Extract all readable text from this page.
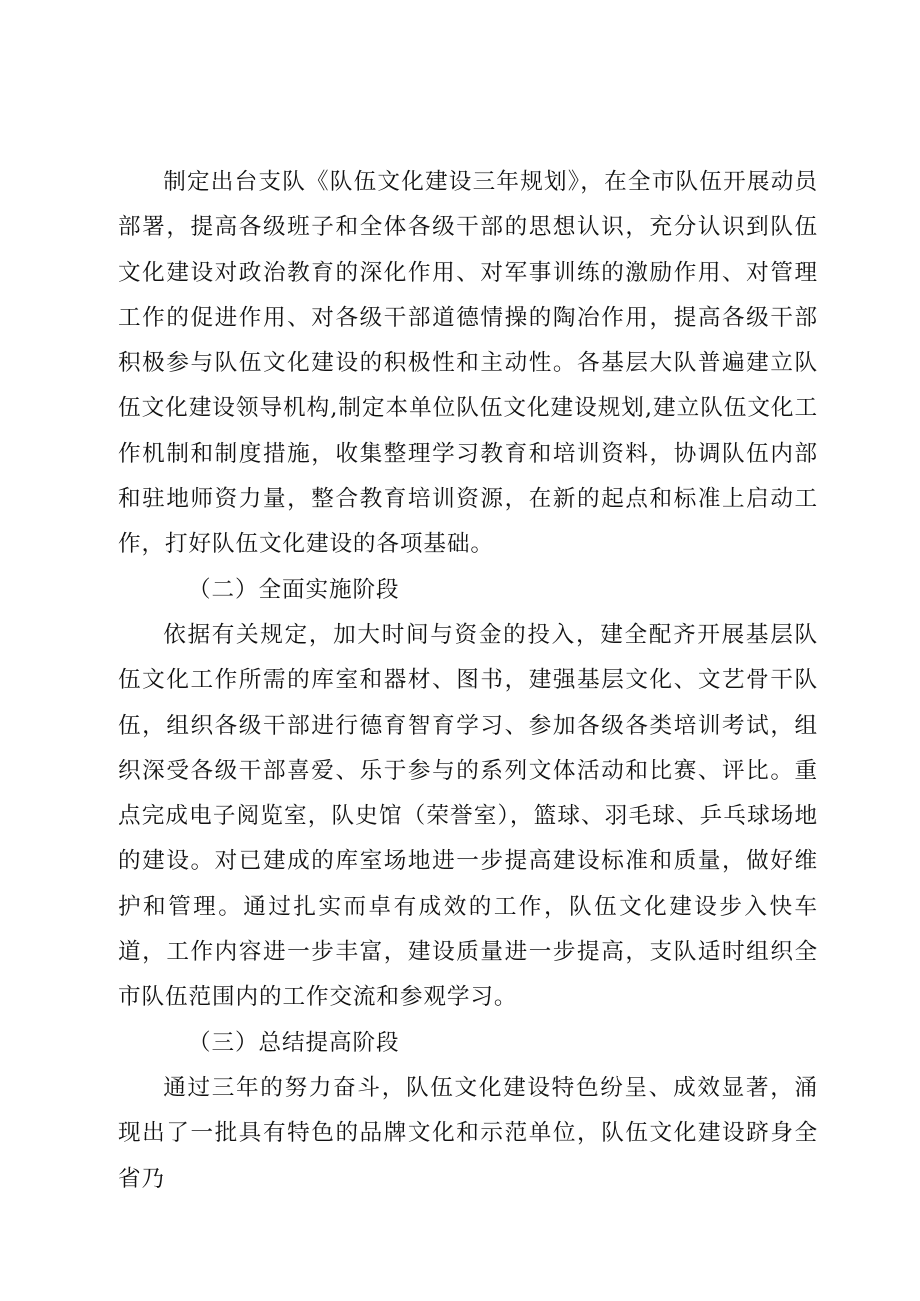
制定出台支队《队伍文化建设三年规划》，在全市队伍开展动员部署，提高各级班子和全体各级干部的思想认识，充分认识到队伍文化建设对政治教育的深化作用、对军事训练的激励作用、对管理工作的促进作用、对各级干部道德情操的陶冶作用，提高各级干部积极参与队伍文化建设的积极性和主动性。各基层大队普遍建立队伍文化建设领导机构,制定本单位队伍文化建设规划,建立队伍文化工作机制和制度措施，收集整理学习教育和培训资料，协调队伍内部和驻地师资力量，整合教育培训资源，在新的起点和标准上启动工作，打好队伍文化建设的各项基础。

（二）全面实施阶段

依据有关规定，加大时间与资金的投入，建全配齐开展基层队伍文化工作所需的库室和器材、图书，建强基层文化、文艺骨干队伍，组织各级干部进行德育智育学习、参加各级各类培训考试，组织深受各级干部喜爱、乐于参与的系列文体活动和比赛、评比。重点完成电子阅览室，队史馆（荣誉室），篮球、羽毛球、乒乓球场地的建设。对已建成的库室场地进一步提高建设标准和质量，做好维护和管理。通过扎实而卓有成效的工作，队伍文化建设步入快车道，工作内容进一步丰富，建设质量进一步提高，支队适时组织全市队伍范围内的工作交流和参观学习。

（三）总结提高阶段

通过三年的努力奋斗，队伍文化建设特色纷呈、成效显著，涌现出了一批具有特色的品牌文化和示范单位，队伍文化建设跻身全省乃
